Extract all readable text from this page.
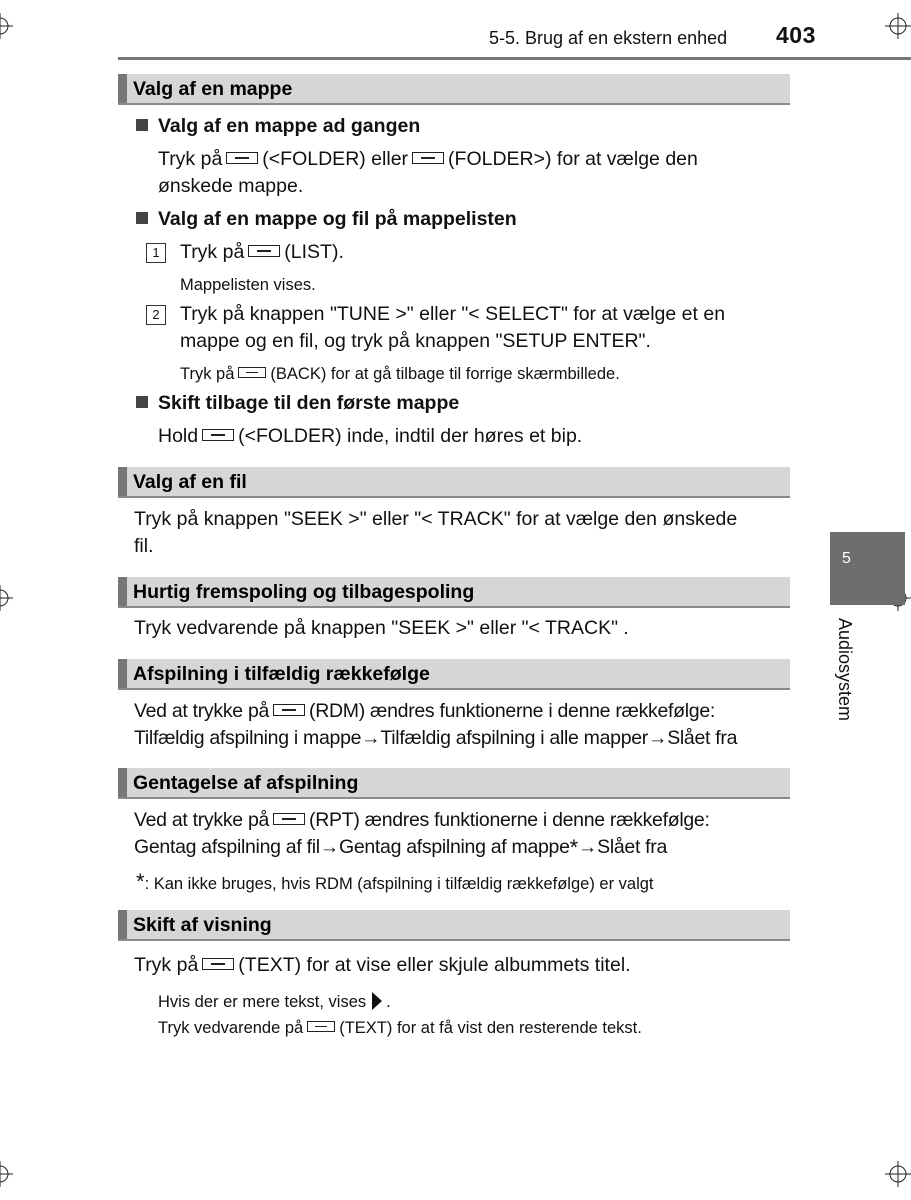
5-5. Brug af en ekstern enhed 403
5
Audiosystem
Valg af en mappe
Valg af en mappe ad gangen
Tryk på (<FOLDER) eller (FOLDER>) for at vælge den
ønskede mappe.
Valg af en mappe og fil på mappelisten
1	Tryk på (LIST).
Mappelisten vises.
2	Tryk på knappen "TUNE >" eller "< SELECT" for at vælge et en
mappe og en fil, og tryk på knappen "SETUP ENTER".
Tryk på (BACK) for at gå tilbage til forrige skærmbillede.
Skift tilbage til den første mappe
Hold (<FOLDER) inde, indtil der høres et bip.
Valg af en fil
Tryk på knappen "SEEK >" eller "< TRACK" for at vælge den ønskede
fil.
Hurtig fremspoling og tilbagespoling
Tryk vedvarende på knappen "SEEK >" eller "< TRACK" .
Afspilning i tilfældig rækkefølge
Ved at trykke på (RDM) ændres funktionerne i denne rækkefølge:
Tilfældig afspilning i mappe→Tilfældig afspilning i alle mapper→Slået fra
Gentagelse af afspilning
Ved at trykke på (RPT) ændres funktionerne i denne rækkefølge:
Gentag afspilning af fil→Gentag afspilning af mappe*→Slået fra
*: Kan ikke bruges, hvis RDM (afspilning i tilfældig rækkefølge) er valgt
Skift af visning
Tryk på (TEXT) for at vise eller skjule albummets titel.
Hvis der er mere tekst, vises .
Tryk vedvarende på (TEXT) for at få vist den resterende tekst.
